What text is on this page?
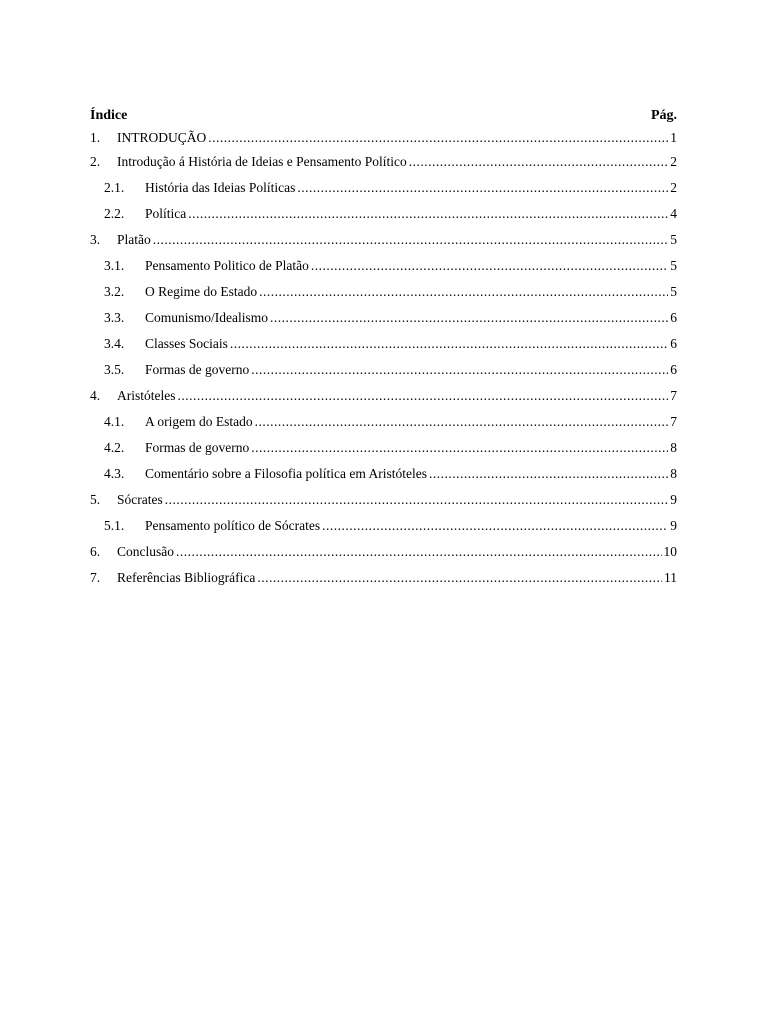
Índice	Pág.
1.	INTRODUÇÃO .....	1
2.	Introdução á História de Ideias e Pensamento Político .....	2
2.1.	História das Ideias Políticas .....	2
2.2.	Política .....	4
3.	Platão .....	5
3.1.	Pensamento Politico de Platão .....	5
3.2.	O Regime do Estado .....	5
3.3.	Comunismo/Idealismo .....	6
3.4.	Classes Sociais .....	6
3.5.	Formas de governo .....	6
4.	Aristóteles .....	7
4.1.	A origem do Estado .....	7
4.2.	Formas de governo .....	8
4.3.	Comentário sobre a Filosofia política em Aristóteles .....	8
5.	Sócrates .....	9
5.1.	Pensamento político de Sócrates .....	9
6.	Conclusão .....	10
7.	Referências Bibliográfica .....	11
